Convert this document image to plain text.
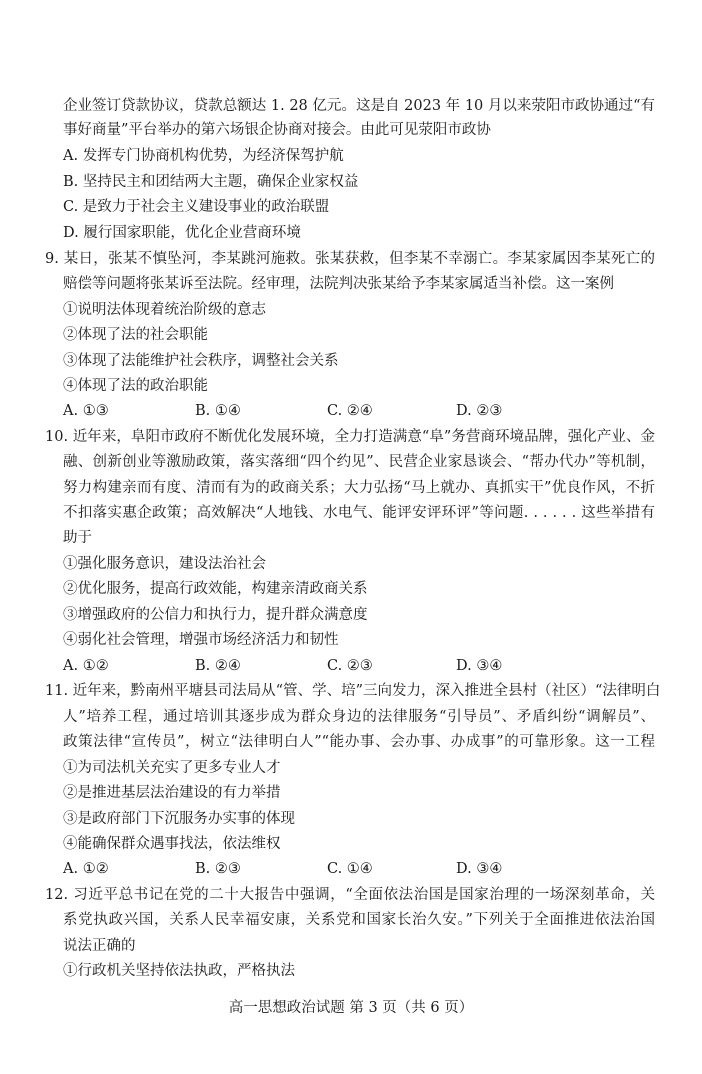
企业签订贷款协议，贷款总额达 1. 28 亿元。这是自 2023 年 10 月以来荥阳市政协通过“有
事好商量”平台举办的第六场银企协商对接会。由此可见荥阳市政协
A. 发挥专门协商机构优势，为经济保驾护航
B. 坚持民主和团结两大主题，确保企业家权益
C. 是致力于社会主义建设事业的政治联盟
D. 履行国家职能，优化企业营商环境
9. 某日，张某不慎坠河，李某跳河施救。张某获救，但李某不幸溺亡。李某家属因李某死亡的
赔偿等问题将张某诉至法院。经审理，法院判决张某给予李某家属适当补偿。这一案例
①说明法体现着统治阶级的意志
②体现了法的社会职能
③体现了法能维护社会秩序，调整社会关系
④体现了法的政治职能
A. ①③	B. ①④	C. ②④	D. ②③
10. 近年来，阜阳市政府不断优化发展环境，全力打造满意“阜”务营商环境品牌，强化产业、金
融、创新创业等激励政策，落实落细“四个约见”、民营企业家恳谈会、“帮办代办”等机制，
努力构建亲而有度、清而有为的政商关系；大力弘扬“马上就办、真抓实干”优良作风，不折
不扣落实惠企政策；高效解决“人地钱、水电气、能评安评环评”等问题. . . . . . 这些举措有
助于
①强化服务意识，建设法治社会
②优化服务，提高行政效能，构建亲清政商关系
③增强政府的公信力和执行力，提升群众满意度
④弱化社会管理，增强市场经济活力和韧性
A. ①②	B. ②④	C. ②③	D. ③④
11. 近年来，黔南州平塘县司法局从“管、学、培”三向发力，深入推进全县村（社区）“法律明白
人”培养工程，通过培训其逐步成为群众身边的法律服务“引导员”、矛盾纠纷“调解员”、
政策法律“宣传员”，树立“法律明白人”“能办事、会办事、办成事”的可靠形象。这一工程
①为司法机关充实了更多专业人才
②是推进基层法治建设的有力举措
③是政府部门下沉服务办实事的体现
④能确保群众遇事找法，依法维权
A. ①②	B. ②③	C. ①④	D. ③④
12. 习近平总书记在党的二十大报告中强调，“全面依法治国是国家治理的一场深刻革命，关
系党执政兴国，关系人民幸福安康，关系党和国家长治久安。”下列关于全面推进依法治国
说法正确的
①行政机关坚持依法执政，严格执法
高一思想政治试题 第 3 页（共 6 页）
